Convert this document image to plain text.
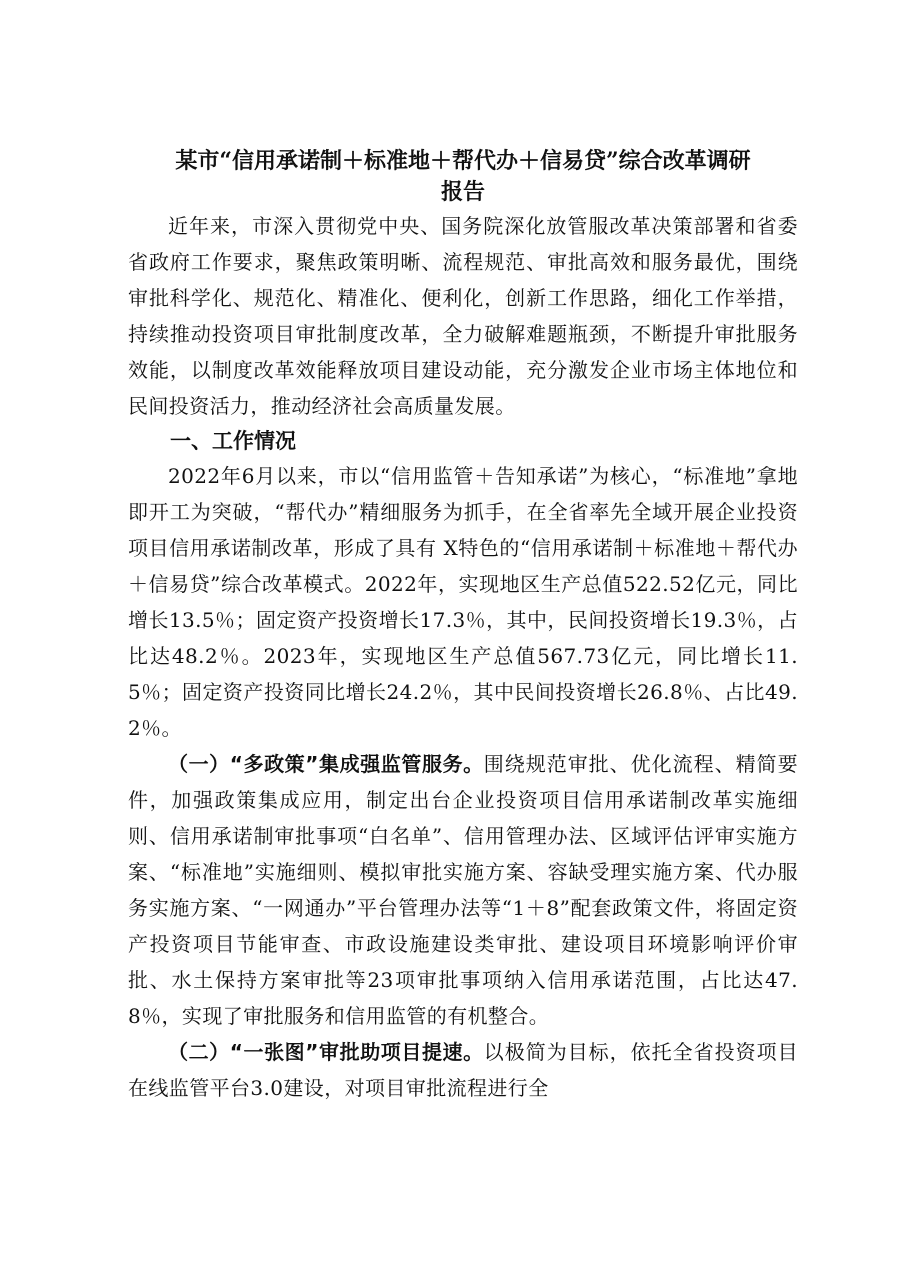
某市“信用承诺制＋标准地＋帮代办＋信易贷”综合改革调研
报告

近年来，市深入贯彻党中央、国务院深化放管服改革决策部署和省委省政府工作要求，聚焦政策明晰、流程规范、审批高效和服务最优，围绕审批科学化、规范化、精准化、便利化，创新工作思路，细化工作举措，持续推动投资项目审批制度改革，全力破解难题瓶颈，不断提升审批服务效能，以制度改革效能释放项目建设动能，充分激发企业市场主体地位和民间投资活力，推动经济社会高质量发展。

一、工作情况

2022年6月以来，市以“信用监管＋告知承诺”为核心，“标准地”拿地即开工为突破，“帮代办”精细服务为抓手，在全省率先全域开展企业投资项目信用承诺制改革，形成了具有 X特色的“信用承诺制＋标准地＋帮代办＋信易贷”综合改革模式。2022年，实现地区生产总值522.52亿元，同比增长13.5％；固定资产投资增长17.3％，其中，民间投资增长19.3％，占比达48.2％。2023年，实现地区生产总值567.73亿元，同比增长11.5％；固定资产投资同比增长24.2％，其中民间投资增长26.8％、占比49.2％。

（一）“多政策”集成强监管服务。围绕规范审批、优化流程、精简要件，加强政策集成应用，制定出台企业投资项目信用承诺制改革实施细则、信用承诺制审批事项“白名单”、信用管理办法、区域评估评审实施方案、“标准地”实施细则、模拟审批实施方案、容缺受理实施方案、代办服务实施方案、“一网通办”平台管理办法等“1＋8”配套政策文件，将固定资产投资项目节能审查、市政设施建设类审批、建设项目环境影响评价审批、水土保持方案审批等23项审批事项纳入信用承诺范围，占比达47.8％，实现了审批服务和信用监管的有机整合。

（二）“一张图”审批助项目提速。以极简为目标，依托全省投资项目在线监管平台3.0建设，对项目审批流程进行全
